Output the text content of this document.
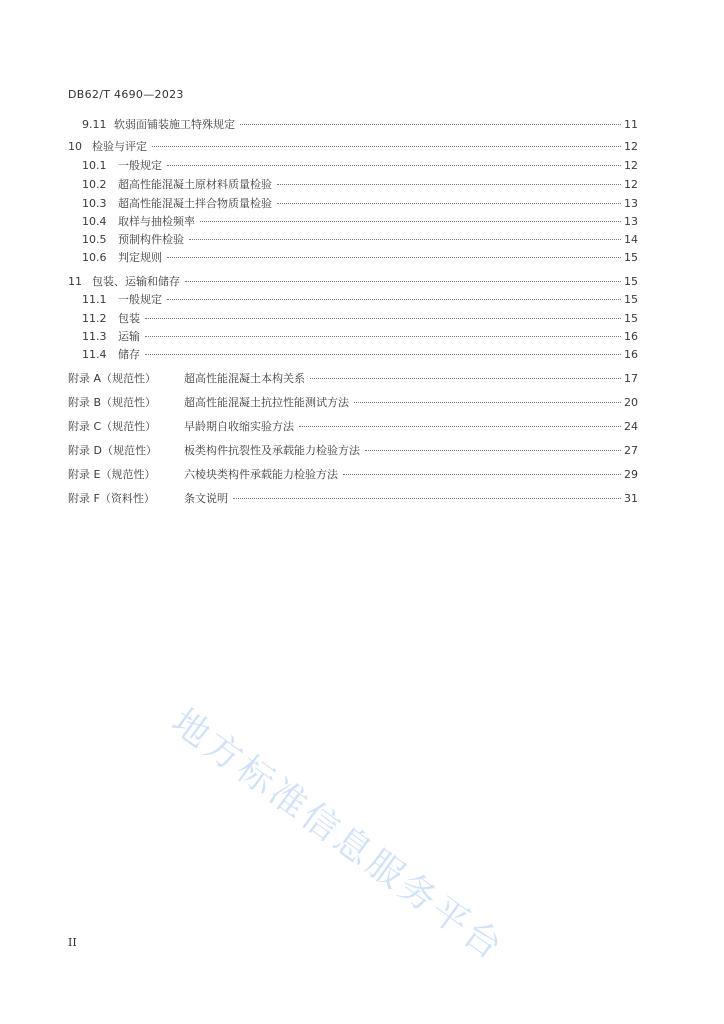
DB62/T 4690—2023
9.11 软弱面铺装施工特殊规定	11
10 检验与评定	12
10.1	一般规定	12
10.2	超高性能混凝土原材料质量检验	12
10.3	超高性能混凝土拌合物质量检验	13
10.4	取样与抽检频率	13
10.5	预制构件检验	14
10.6	判定规则	15
11 包装、运输和储存	15
11.1	一般规定	15
11.2	包装	15
11.3	运输	16
11.4	储存	16
附录 A（规范性）	超高性能混凝土本构关系	17
附录 B（规范性）	超高性能混凝土抗拉性能测试方法	20
附录 C（规范性）	早龄期自收缩实验方法	24
附录 D（规范性）	板类构件抗裂性及承载能力检验方法	27
附录 E（规范性）	六棱块类构件承载能力检验方法	29
附录 F（资料性）	条文说明	31
地方标准信息服务平台
II
